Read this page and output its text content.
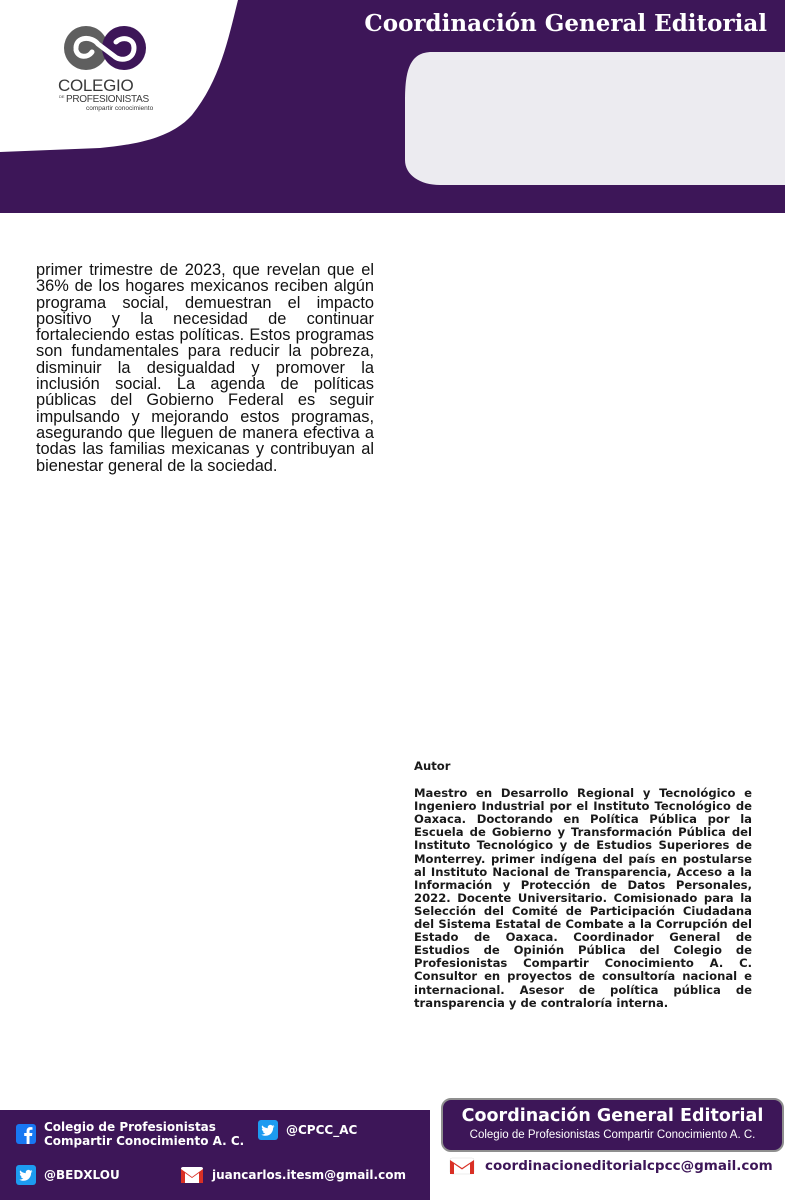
Coordinación General Editorial
COLEGIO
DE PROFESIONISTAS
compartir conocimiento
primer trimestre de 2023, que revelan que el 36% de los hogares mexicanos reciben algún programa social, demuestran el impacto positivo y la necesidad de continuar fortaleciendo estas políticas. Estos programas son fundamentales para reducir la pobreza, disminuir la desigualdad y promover la inclusión social. La agenda de políticas públicas del Gobierno Federal es seguir impulsando y mejorando estos programas, asegurando que lleguen de manera efectiva a todas las familias mexicanas y contribuyan al bienestar general de la sociedad.
Autor
Maestro en Desarrollo Regional y Tecnológico e Ingeniero Industrial por el Instituto Tecnológico de Oaxaca. Doctorando en Política Pública por la Escuela de Gobierno y Transformación Pública del Instituto Tecnológico y de Estudios Superiores de Monterrey. primer indígena del país en postularse al Instituto Nacional de Transparencia, Acceso a la Información y Protección de Datos Personales, 2022. Docente Universitario. Comisionado para la Selección del Comité de Participación Ciudadana del Sistema Estatal de Combate a la Corrupción del Estado de Oaxaca. Coordinador General de Estudios de Opinión Pública del Colegio de Profesionistas Compartir Conocimiento A. C. Consultor en proyectos de consultoría nacional e internacional. Asesor de política pública de transparencia y de contraloría interna.
Colegio de Profesionistas
Compartir Conocimiento A. C.
@CPCC_AC
@BEDXLOU	juancarlos.itesm@gmail.com
Coordinación General Editorial
Colegio de Profesionistas Compartir Conocimiento A. C.
coordinacioneditorialcpcc@gmail.com
